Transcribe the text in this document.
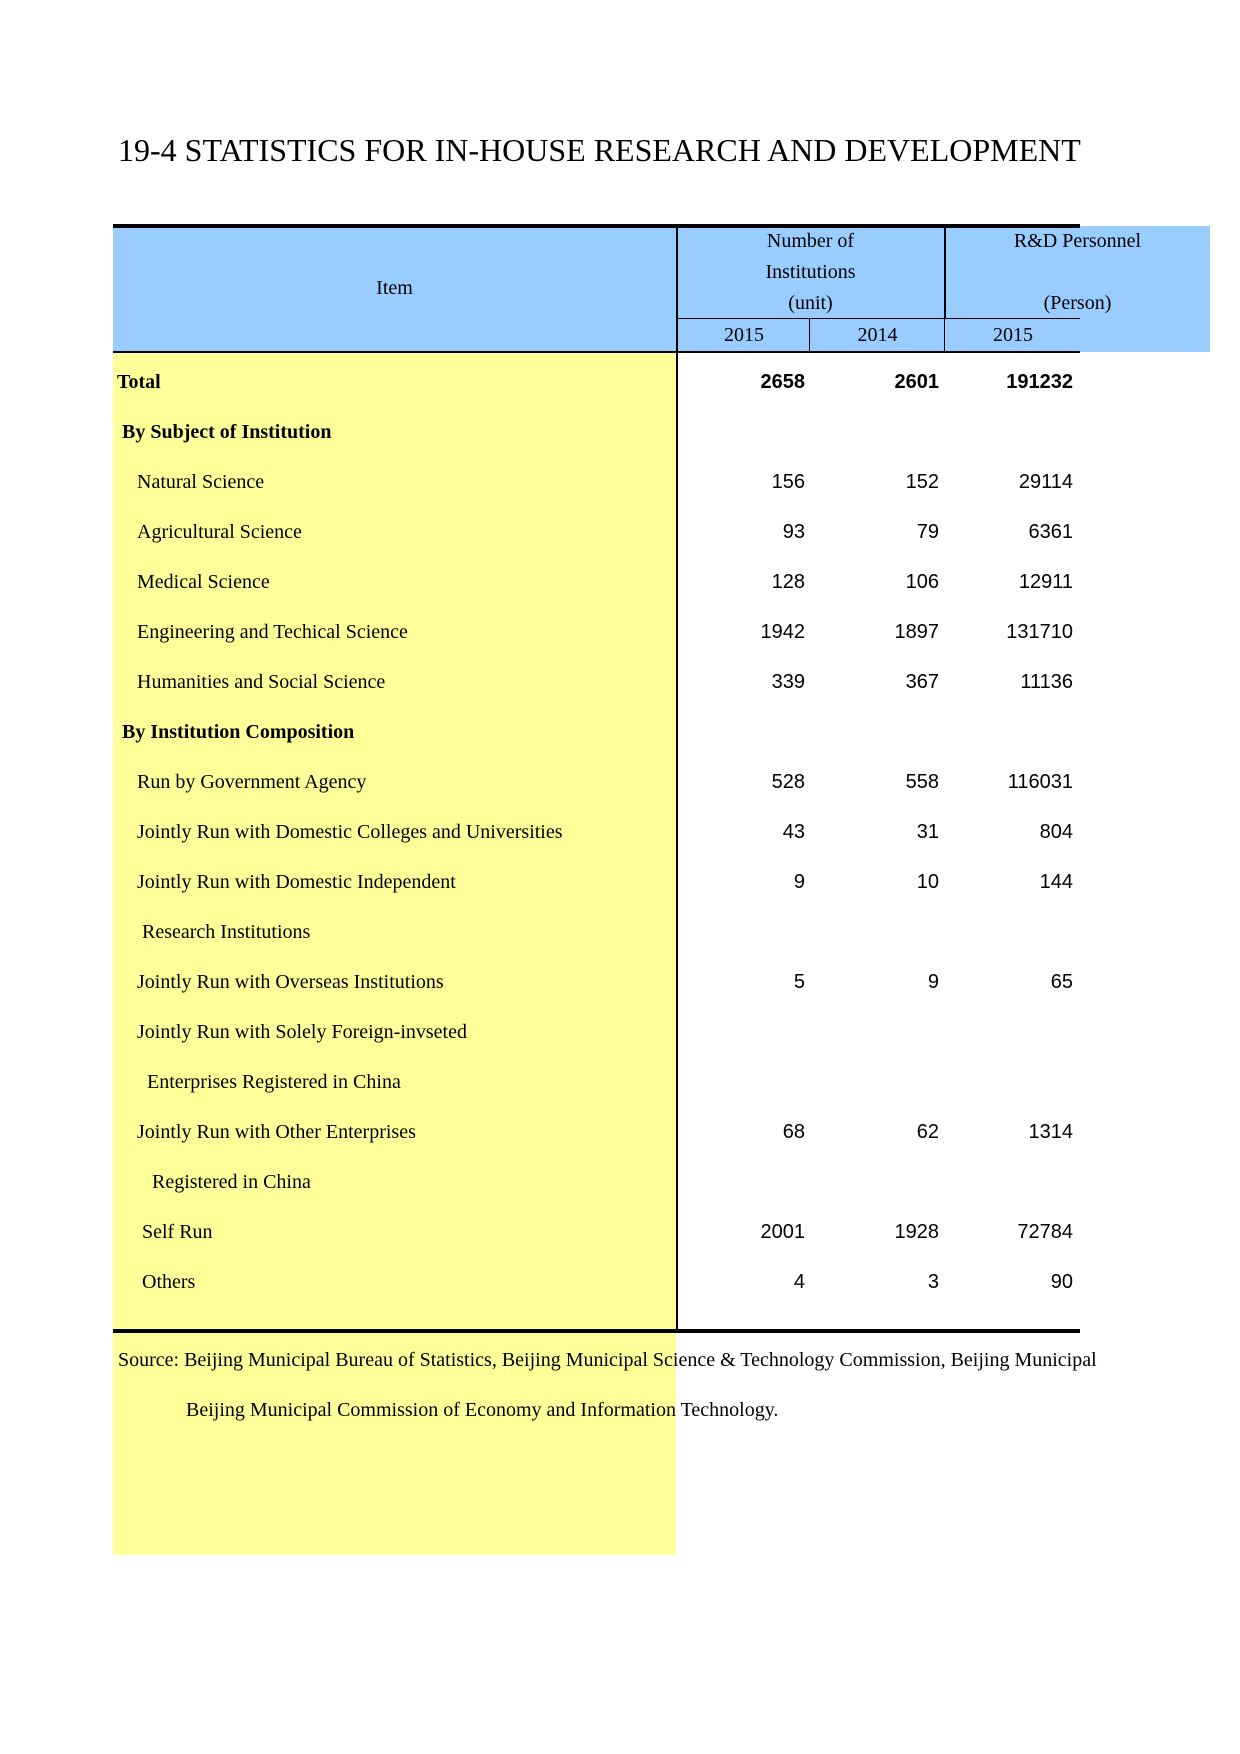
19-4 STATISTICS FOR IN-HOUSE RESEARCH AND DEVELOPMENT
Item
Number of
Institutions
(unit)
R&D Personnel
(Person)
2015	2014	2015
Total	2658	2601	191232
By Subject of Institution
Natural Science	156	152	29114
Agricultural Science	93	79	6361
Medical Science	128	106	12911
Engineering and Techical Science	1942	1897	131710
Humanities and Social Science	339	367	11136
By Institution Composition
Run by Government Agency	528	558	116031
Jointly Run with Domestic Colleges and Universities	43	31	804
Jointly Run with Domestic Independent	9	10	144
Research Institutions
Jointly Run with Overseas Institutions	5	9	65
Jointly Run with Solely Foreign-invseted
Enterprises Registered in China
Jointly Run with Other Enterprises	68	62	1314
Registered in China
Self Run	2001	1928	72784
Others	4	3	90
Source: Beijing Municipal Bureau of Statistics, Beijing Municipal Science & Technology Commission, Beijing Municipal
Beijing Municipal Commission of Economy and Information Technology.
